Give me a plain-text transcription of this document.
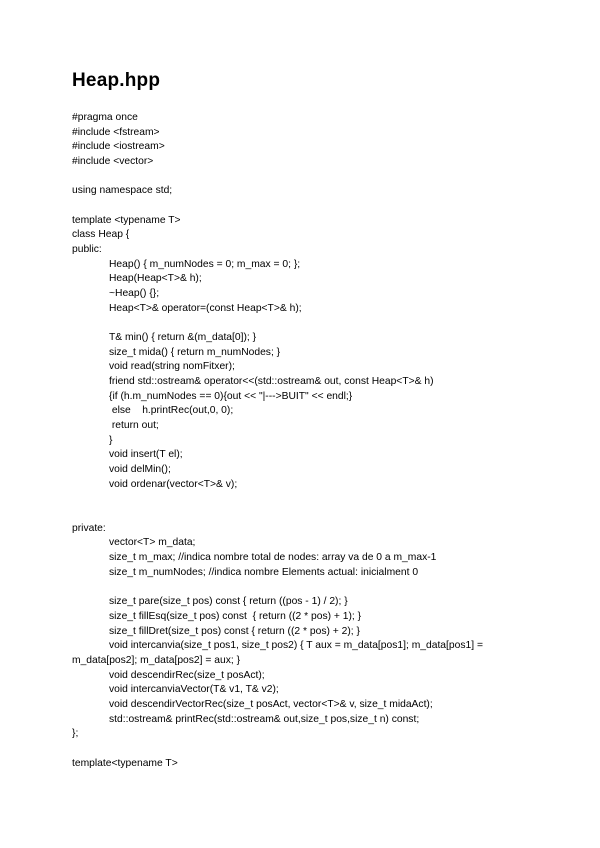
Heap.hpp
#pragma once
#include <fstream>
#include <iostream>
#include <vector>
using namespace std;
template <typename T>
class Heap {
public:
Heap() { m_numNodes = 0; m_max = 0; };
Heap(Heap<T>& h);
~Heap() {};
Heap<T>& operator=(const Heap<T>& h);
T& min() { return &(m_data[0]); }
size_t mida() { return m_numNodes; }
void read(string nomFitxer);
friend std::ostream& operator<<(std::ostream& out, const Heap<T>& h)
{if (h.m_numNodes == 0){out << "|--->BUIT" << endl;}
else    h.printRec(out,0, 0);
return out;
}
void insert(T el);
void delMin();
void ordenar(vector<T>& v);
private:
vector<T> m_data;
size_t m_max; //indica nombre total de nodes: array va de 0 a m_max-1
size_t m_numNodes; //indica nombre Elements actual: inicialment 0
size_t pare(size_t pos) const { return ((pos - 1) / 2); }
size_t fillEsq(size_t pos) const  { return ((2 * pos) + 1); }
size_t fillDret(size_t pos) const { return ((2 * pos) + 2); }
void intercanvia(size_t pos1, size_t pos2) { T aux = m_data[pos1]; m_data[pos1] =
m_data[pos2]; m_data[pos2] = aux; }
void descendirRec(size_t posAct);
void intercanviaVector(T& v1, T& v2);
void descendirVectorRec(size_t posAct, vector<T>& v, size_t midaAct);
std::ostream& printRec(std::ostream& out,size_t pos,size_t n) const;
};
template<typename T>
